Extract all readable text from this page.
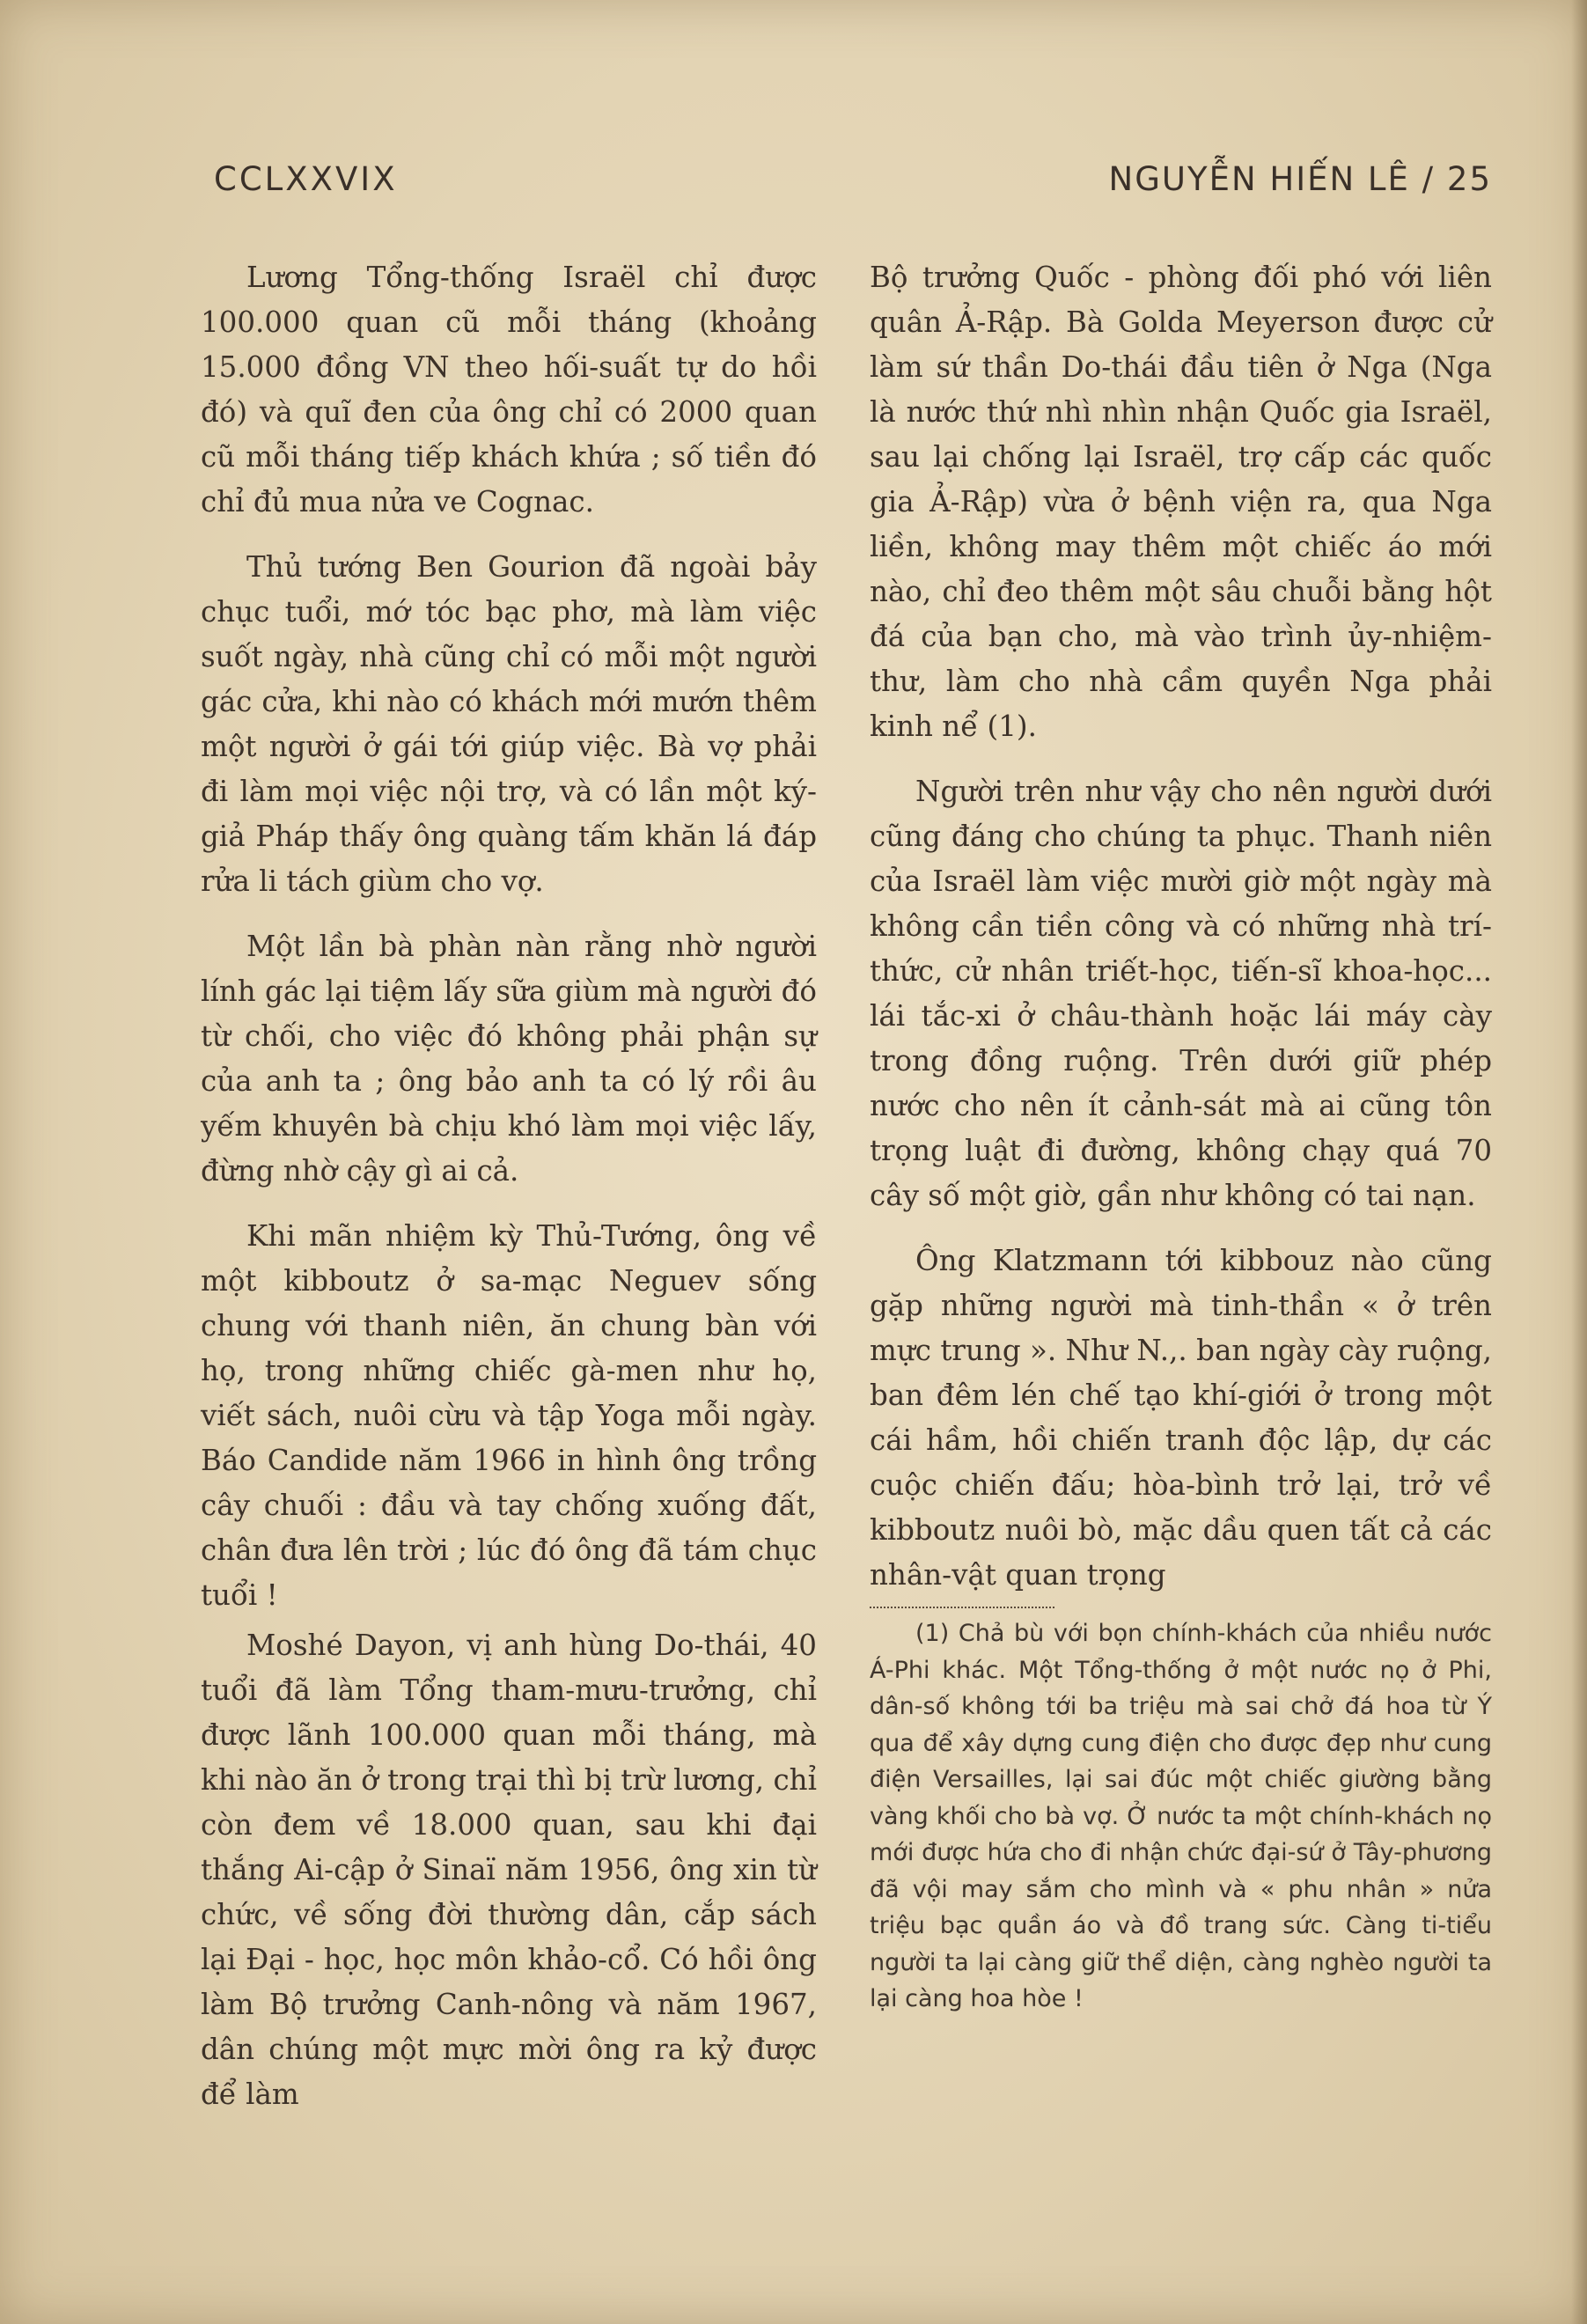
CCLXXVIX	NGUYỄN HIẾN LÊ / 25

Lương Tổng-thống Israël chỉ được 100.000 quan cũ mỗi tháng (khoảng 15.000 đồng VN theo hối-suất tự do hồi đó) và quĩ đen của ông chỉ có 2000 quan cũ mỗi tháng tiếp khách khứa ; số tiền đó chỉ đủ mua nửa ve Cognac.

Thủ tướng Ben Gourion đã ngoài bảy chục tuổi, mớ tóc bạc phơ, mà làm việc suốt ngày, nhà cũng chỉ có mỗi một người gác cửa, khi nào có khách mới mướn thêm một người ở gái tới giúp việc. Bà vợ phải đi làm mọi việc nội trợ, và có lần một ký-giả Pháp thấy ông quàng tấm khăn lá đáp rửa li tách giùm cho vợ.

Một lần bà phàn nàn rằng nhờ người lính gác lại tiệm lấy sữa giùm mà người đó từ chối, cho việc đó không phải phận sự của anh ta ; ông bảo anh ta có lý rồi âu yếm khuyên bà chịu khó làm mọi việc lấy, đừng nhờ cậy gì ai cả.

Khi mãn nhiệm kỳ Thủ-Tướng, ông về một kibboutz ở sa-mạc Neguev sống chung với thanh niên, ăn chung bàn với họ, trong những chiếc gà-men như họ, viết sách, nuôi cừu và tập Yoga mỗi ngày. Báo Candide năm 1966 in hình ông trồng cây chuối : đầu và tay chống xuống đất, chân đưa lên trời ; lúc đó ông đã tám chục tuổi !

Moshé Dayon, vị anh hùng Do-thái, 40 tuổi đã làm Tổng tham-mưu-trưởng, chỉ được lãnh 100.000 quan mỗi tháng, mà khi nào ăn ở trong trại thì bị trừ lương, chỉ còn đem về 18.000 quan, sau khi đại thắng Ai-cập ở Sinaï năm 1956, ông xin từ chức, về sống đời thường dân, cắp sách lại Đại - học, học môn khảo-cổ. Có hồi ông làm Bộ trưởng Canh-nông và năm 1967, dân chúng một mực mời ông ra kỷ được để làm

Bộ trưởng Quốc - phòng đối phó với liên quân Ả-Rập. Bà Golda Meyerson được cử làm sứ thần Do-thái đầu tiên ở Nga (Nga là nước thứ nhì nhìn nhận Quốc gia Israël, sau lại chống lại Israël, trợ cấp các quốc gia Ả-Rập) vừa ở bệnh viện ra, qua Nga liền, không may thêm một chiếc áo mới nào, chỉ đeo thêm một sâu chuỗi bằng hột đá của bạn cho, mà vào trình ủy-nhiệm-thư, làm cho nhà cầm quyền Nga phải kinh nể (1).

Người trên như vậy cho nên người dưới cũng đáng cho chúng ta phục. Thanh niên của Israël làm việc mười giờ một ngày mà không cần tiền công và có những nhà trí-thức, cử nhân triết-học, tiến-sĩ khoa-học... lái tắc-xi ở châu-thành hoặc lái máy cày trong đồng ruộng. Trên dưới giữ phép nước cho nên ít cảnh-sát mà ai cũng tôn trọng luật đi đường, không chạy quá 70 cây số một giờ, gần như không có tai nạn.

Ông Klatzmann tới kibbouz nào cũng gặp những người mà tinh-thần « ở trên mực trung ». Như N.,. ban ngày cày ruộng, ban đêm lén chế tạo khí-giới ở trong một cái hầm, hồi chiến tranh độc lập, dự các cuộc chiến đấu; hòa-bình trở lại, trở về kibboutz nuôi bò, mặc dầu quen tất cả các nhân-vật quan trọng

(1) Chả bù với bọn chính-khách của nhiều nước Á-Phi khác. Một Tổng-thống ở một nước nọ ở Phi, dân-số không tới ba triệu mà sai chở đá hoa từ Ý qua để xây dựng cung điện cho được đẹp như cung điện Versailles, lại sai đúc một chiếc giường bằng vàng khối cho bà vợ. Ở nước ta một chính-khách nọ mới được hứa cho đi nhận chức đại-sứ ở Tây-phương đã vội may sắm cho mình và « phu nhân » nửa triệu bạc quần áo và đồ trang sức. Càng ti-tiểu người ta lại càng giữ thể diện, càng nghèo người ta lại càng hoa hòe !
